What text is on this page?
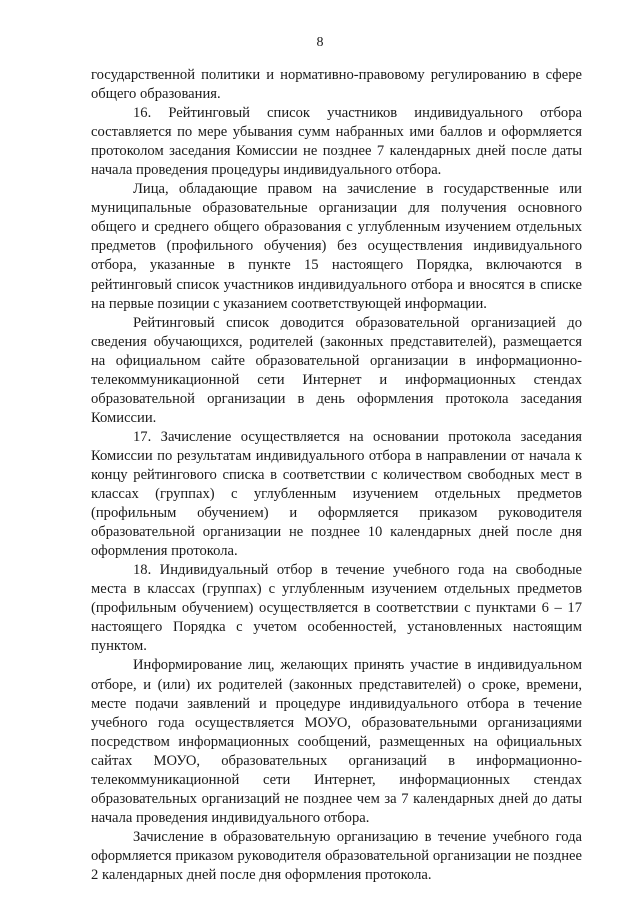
8

государственной политики и нормативно-правовому регулированию в сфере общего образования.

16. Рейтинговый список участников индивидуального отбора составляется по мере убывания сумм набранных ими баллов и оформляется протоколом заседания Комиссии не позднее 7 календарных дней после даты начала проведения процедуры индивидуального отбора.

Лица, обладающие правом на зачисление в государственные или муниципальные образовательные организации для получения основного общего и среднего общего образования с углубленным изучением отдельных предметов (профильного обучения) без осуществления индивидуального отбора, указанные в пункте 15 настоящего Порядка, включаются в рейтинговый список участников индивидуального отбора и вносятся в списке на первые позиции с указанием соответствующей информации.

Рейтинговый список доводится образовательной организацией до сведения обучающихся, родителей (законных представителей), размещается на официальном сайте образовательной организации в информационно-телекоммуникационной сети Интернет и информационных стендах образовательной организации в день оформления протокола заседания Комиссии.

17. Зачисление осуществляется на основании протокола заседания Комиссии по результатам индивидуального отбора в направлении от начала к концу рейтингового списка в соответствии с количеством свободных мест в классах (группах) с углубленным изучением отдельных предметов (профильным обучением) и оформляется приказом руководителя образовательной организации не позднее 10 календарных дней после дня оформления протокола.

18. Индивидуальный отбор в течение учебного года на свободные места в классах (группах) с углубленным изучением отдельных предметов (профильным обучением) осуществляется в соответствии с пунктами 6 – 17 настоящего Порядка с учетом особенностей, установленных настоящим пунктом.

Информирование лиц, желающих принять участие в индивидуальном отборе, и (или) их родителей (законных представителей) о сроке, времени, месте подачи заявлений и процедуре индивидуального отбора в течение учебного года осуществляется МОУО, образовательными организациями посредством информационных сообщений, размещенных на официальных сайтах МОУО, образовательных организаций в информационно-телекоммуникационной сети Интернет, информационных стендах образовательных организаций не позднее чем за 7 календарных дней до даты начала проведения индивидуального отбора.

Зачисление в образовательную организацию в течение учебного года оформляется приказом руководителя образовательной организации не позднее 2 календарных дней после дня оформления протокола.
